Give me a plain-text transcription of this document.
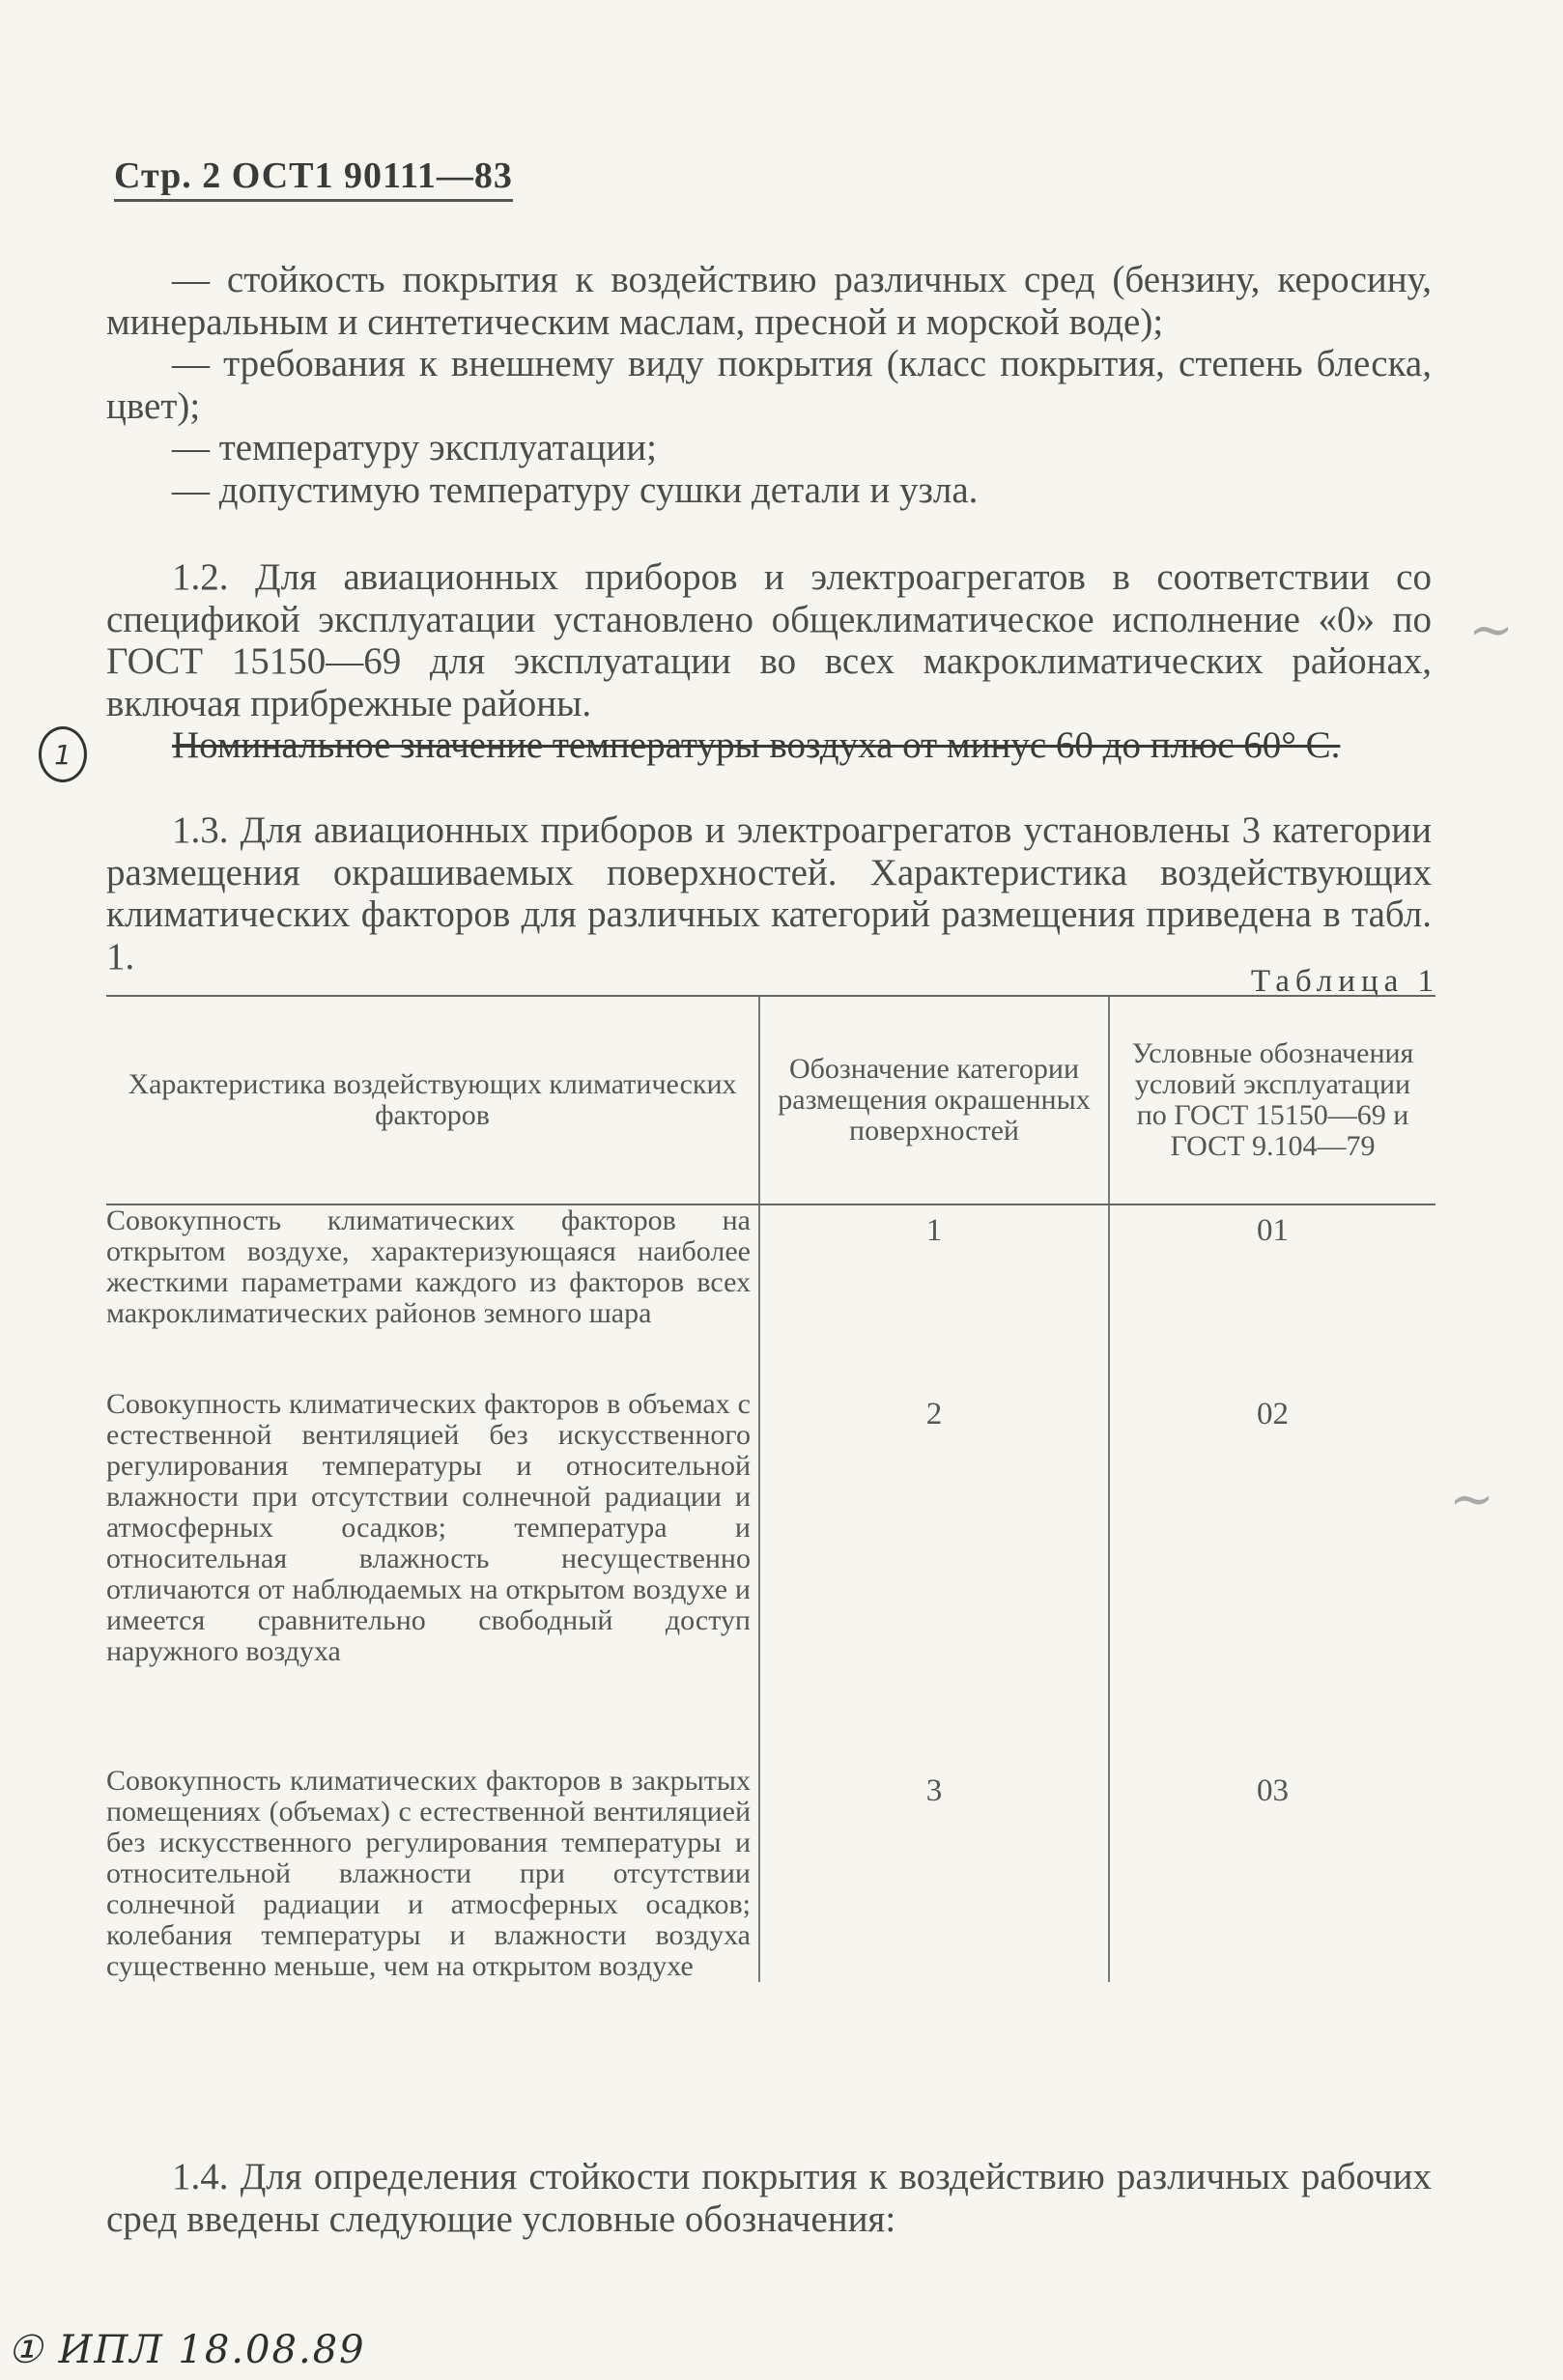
Стр. 2 ОСТ1 90111—83

— стойкость покрытия к воздействию различных сред (бензину, керосину, минеральным и синтетическим маслам, пресной и морской воде);

— требования к внешнему виду покрытия (класс покрытия, степень блеска, цвет);

— температуру эксплуатации;

— допустимую температуру сушки детали и узла.

1.2. Для авиационных приборов и электроагрегатов в соответствии со спецификой эксплуатации установлено общеклиматическое исполнение «0» по ГОСТ 15150—69 для эксплуатации во всех макроклиматических районах, включая прибрежные районы.

Номинальное значение температуры воздуха от минус 60 до плюс 60° С.

1

1.3. Для авиационных приборов и электроагрегатов установлены 3 категории размещения окрашиваемых поверхностей. Характеристика воздействующих климатических факторов для различных категорий размещения приведена в табл. 1.

Таблица 1
Характеристика воздействующих климатических факторов	Обозначение категории размещения окрашенных поверхностей	Условные обозначения условий эксплуатации по ГОСТ 15150—69 и ГОСТ 9.104—79
Совокупность климатических факторов на открытом воздухе, характеризующаяся наиболее жесткими параметрами каждого из факторов всех макроклиматических районов земного шара	1	01
Совокупность климатических факторов в объемах с естественной вентиляцией без искусственного регулирования температуры и относительной влажности при отсутствии солнечной радиации и атмосферных осадков; температура и относительная влажность несущественно отличаются от наблюдаемых на открытом воздухе и имеется сравнительно свободный доступ наружного воздуха	2	02
Совокупность климатических факторов в закрытых помещениях (объемах) с естественной вентиляцией без искусственного регулирования температуры и относительной влажности при отсутствии солнечной радиации и атмосферных осадков; колебания температуры и влажности воздуха существенно меньше, чем на открытом воздухе	3	03

1.4. Для определения стойкости покрытия к воздействию различных рабочих сред введены следующие условные обозначения:

~
~
① ИПЛ 18.08.89
